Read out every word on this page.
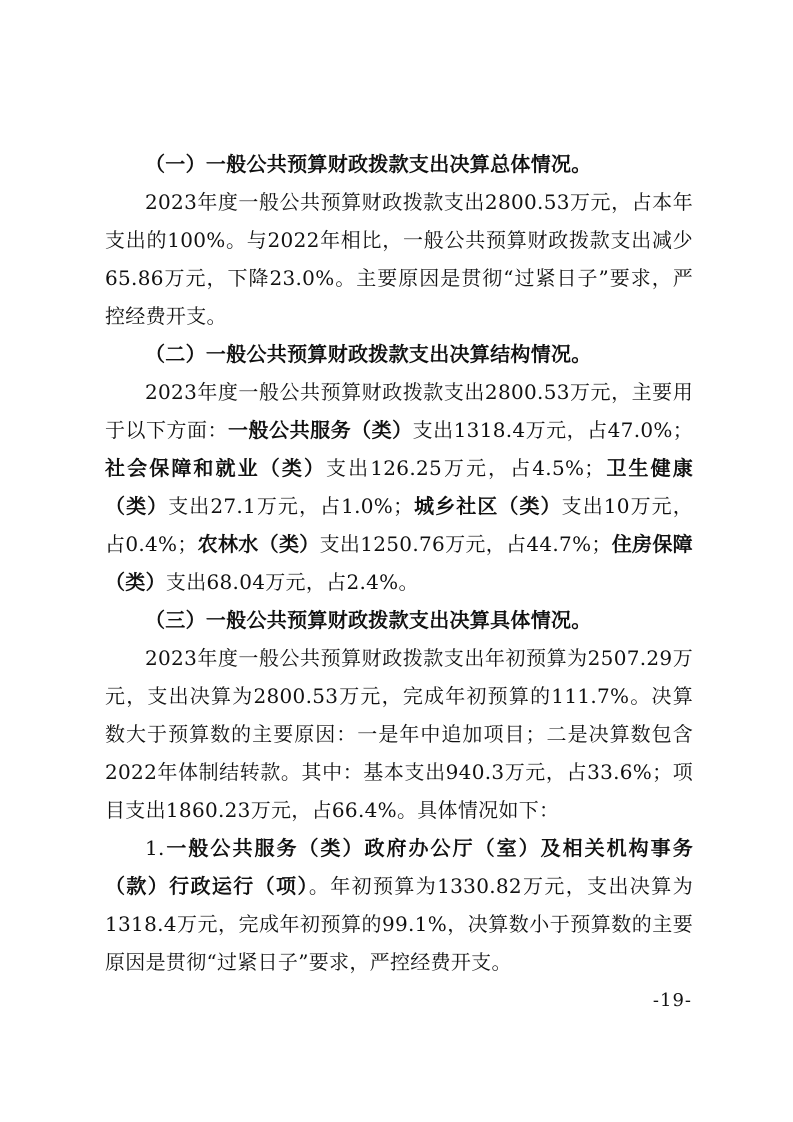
（一）一般公共预算财政拨款支出决算总体情况。

2023年度一般公共预算财政拨款支出2800.53万元，占本年支出的100%。与2022年相比，一般公共预算财政拨款支出减少65.86万元，下降23.0%。主要原因是贯彻“过紧日子”要求，严控经费开支。

（二）一般公共预算财政拨款支出决算结构情况。

2023年度一般公共预算财政拨款支出2800.53万元，主要用于以下方面：一般公共服务（类）支出1318.4万元，占47.0%；社会保障和就业（类）支出126.25万元，占4.5%；卫生健康（类）支出27.1万元，占1.0%；城乡社区（类）支出10万元，占0.4%；农林水（类）支出1250.76万元，占44.7%；住房保障（类）支出68.04万元，占2.4%。

（三）一般公共预算财政拨款支出决算具体情况。

2023年度一般公共预算财政拨款支出年初预算为2507.29万元，支出决算为2800.53万元，完成年初预算的111.7%。决算数大于预算数的主要原因：一是年中追加项目；二是决算数包含2022年体制结转款。其中：基本支出940.3万元，占33.6%；项目支出1860.23万元，占66.4%。具体情况如下：

1.一般公共服务（类）政府办公厅（室）及相关机构事务（款）行政运行（项）。年初预算为1330.82万元，支出决算为1318.4万元，完成年初预算的99.1%，决算数小于预算数的主要原因是贯彻“过紧日子”要求，严控经费开支。

-19-
